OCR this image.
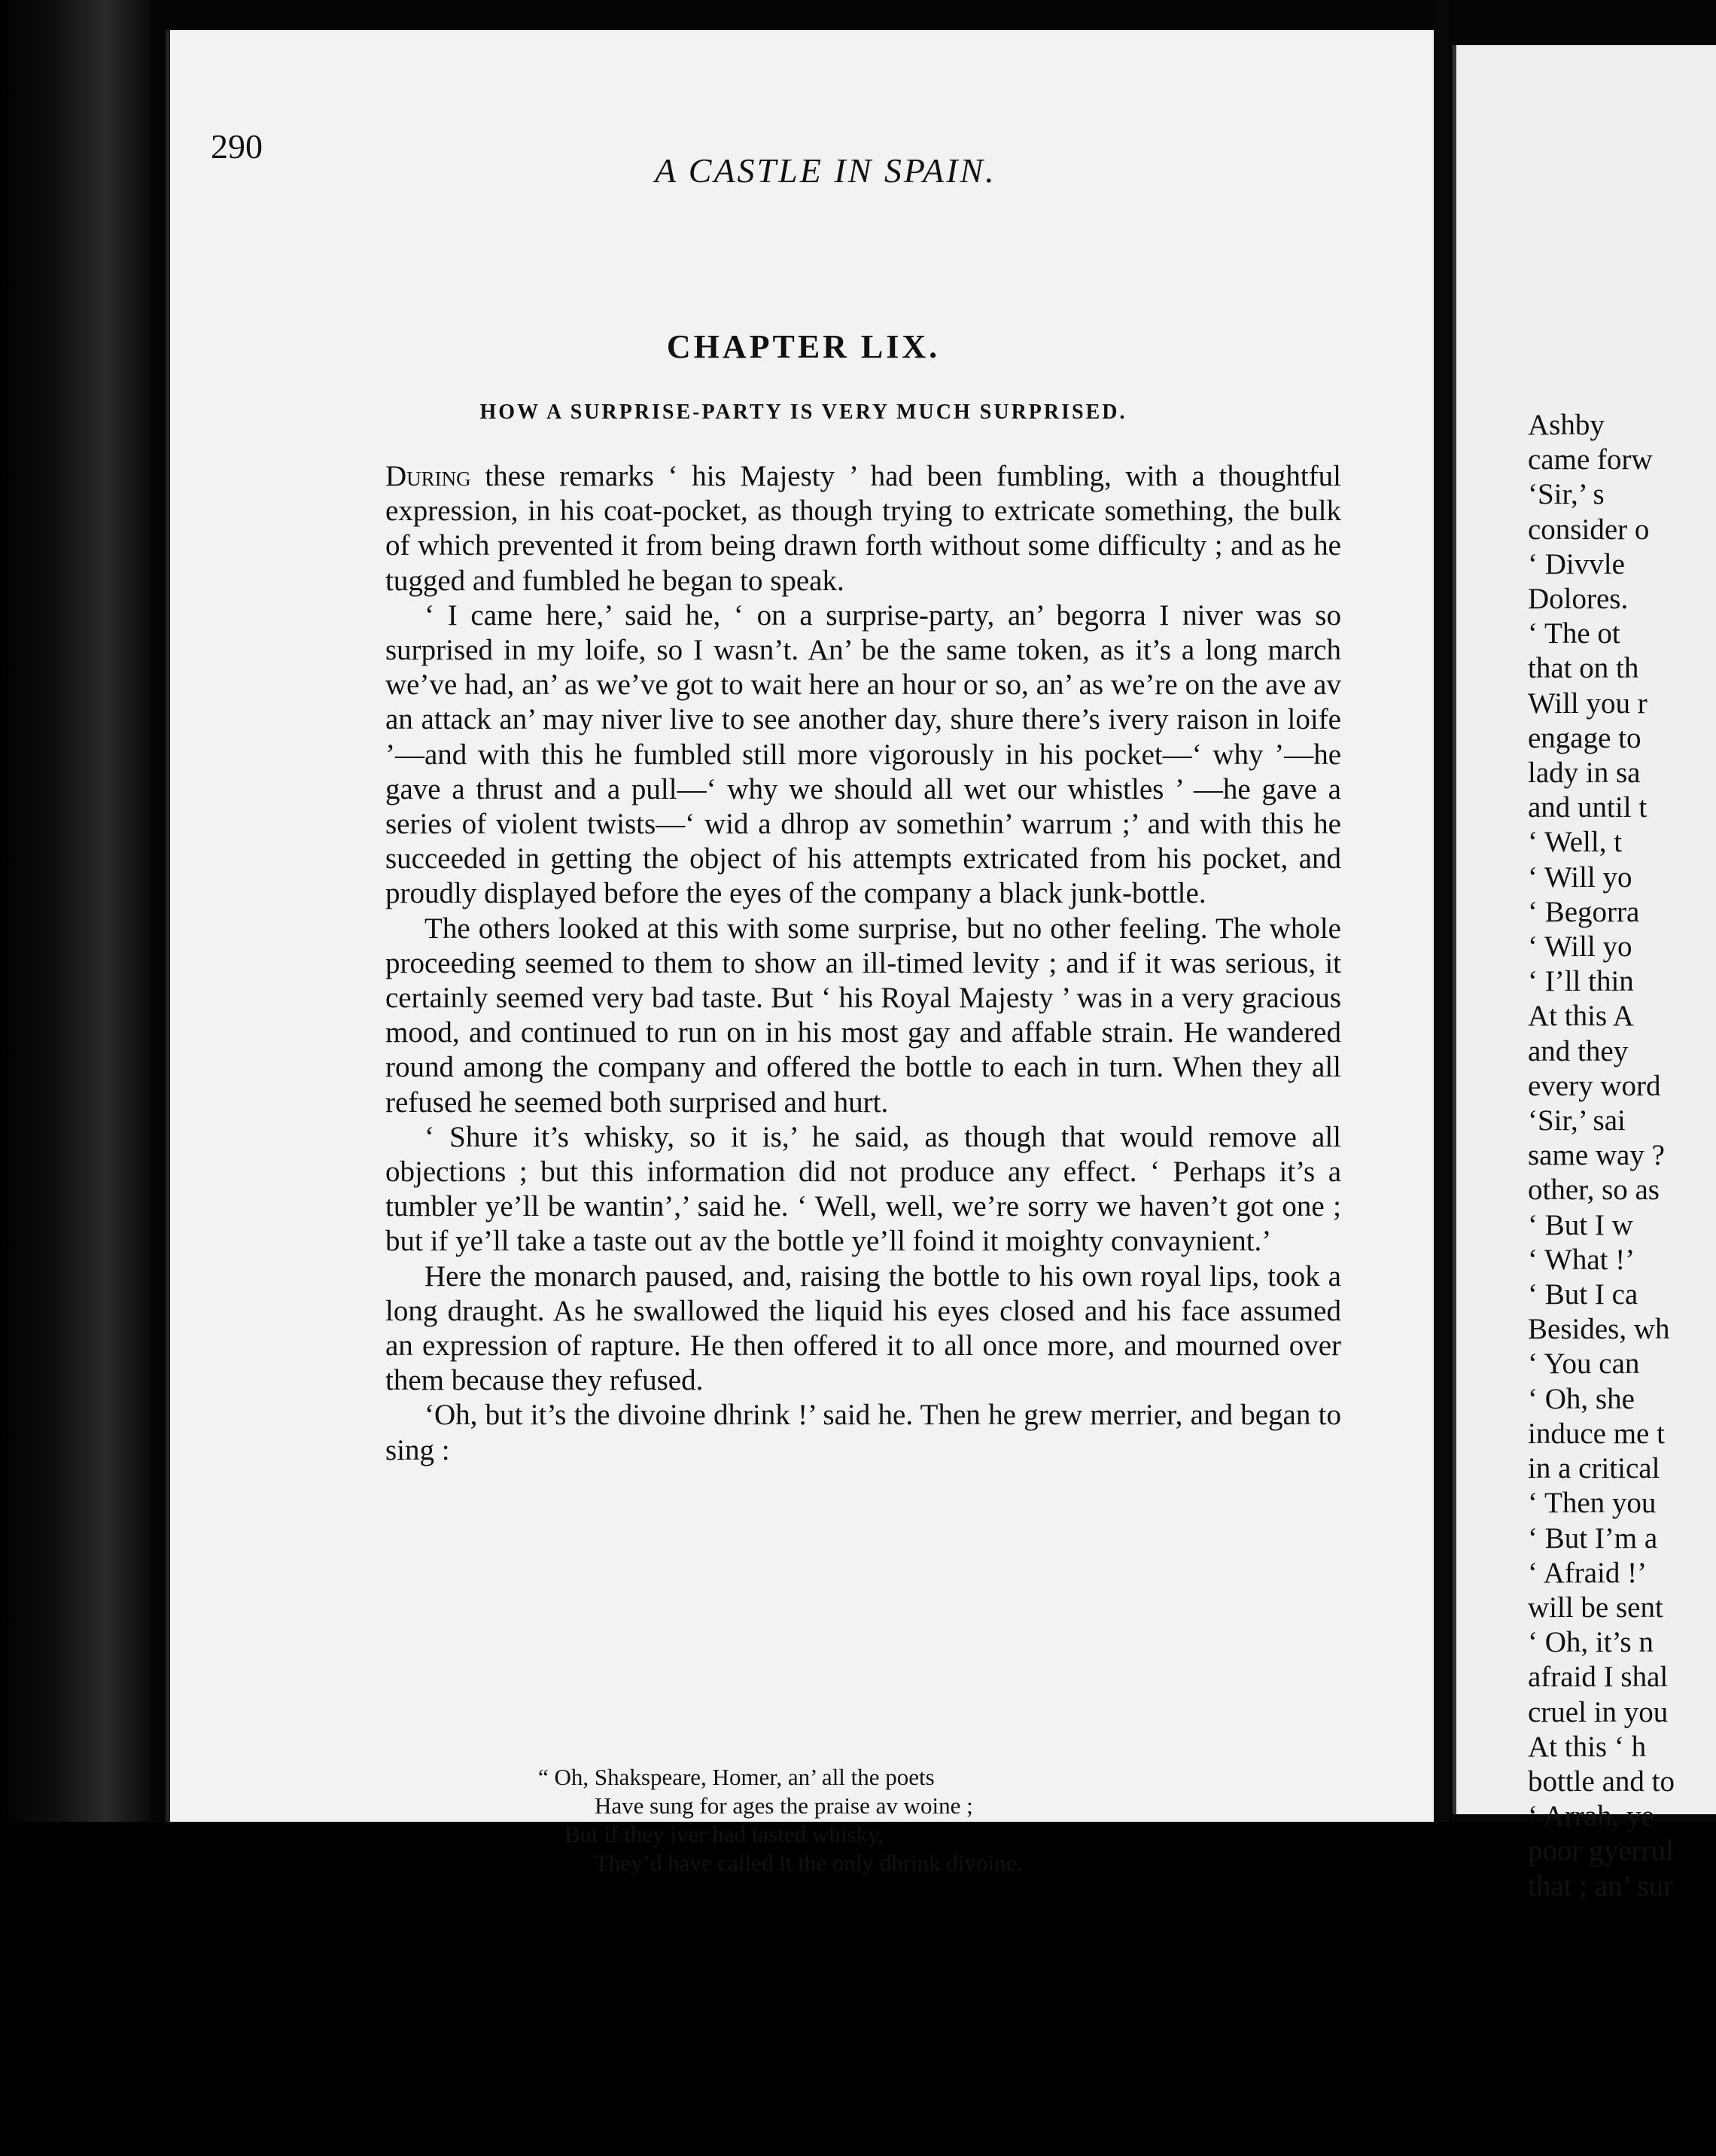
290

A CASTLE IN SPAIN.

CHAPTER LIX.
HOW A SURPRISE-PARTY IS VERY MUCH SURPRISED.

During these remarks ‘ his Majesty ’ had been fumbling, with a thoughtful expression, in his coat-pocket, as though trying to extricate something, the bulk of which prevented it from being drawn forth without some difficulty ; and as he tugged and fumbled he began to speak.

‘ I came here,’ said he, ‘ on a surprise-party, an’ begorra I niver was so surprised in my loife, so I wasn’t. An’ be the same token, as it’s a long march we’ve had, an’ as we’ve got to wait here an hour or so, an’ as we’re on the ave av an attack an’ may niver live to see another day, shure there’s ivery raison in loife ’—and with this he fumbled still more vigorously in his pocket—‘ why ’—he gave a thrust and a pull—‘ why we should all wet our whistles ’ —he gave a series of violent twists—‘ wid a dhrop av somethin’ warrum ;’ and with this he succeeded in getting the object of his attempts extricated from his pocket, and proudly displayed before the eyes of the company a black junk-bottle.

The others looked at this with some surprise, but no other feeling. The whole proceeding seemed to them to show an ill-timed levity ; and if it was serious, it certainly seemed very bad taste. But ‘ his Royal Majesty ’ was in a very gracious mood, and continued to run on in his most gay and affable strain. He wandered round among the company and offered the bottle to each in turn. When they all refused he seemed both surprised and hurt.

‘ Shure it’s whisky, so it is,’ he said, as though that would remove all objections ; but this information did not produce any effect. ‘ Perhaps it’s a tumbler ye’ll be wantin’,’ said he. ‘ Well, well, we’re sorry we haven’t got one ; but if ye’ll take a taste out av the bottle ye’ll foind it moighty convaynient.’

Here the monarch paused, and, raising the bottle to his own royal lips, took a long draught. As he swallowed the liquid his eyes closed and his face assumed an expression of rapture. He then offered it to all once more, and mourned over them because they refused.

‘Oh, but it’s the divoine dhrink !’ said he. Then he grew merrier, and began to sing :

“ Oh, Shakspeare, Homer, an’ all the poets
Have sung for ages the praise av woine ;
But if they iver had tasted whisky,
They’d have called it the only dhrink divoine.
Ashby
came forw
‘Sir,’ s
consider o
‘ Divvle
Dolores.
‘ The ot
that on th
Will you r
engage to
lady in sa
and until t
‘ Well, t
‘ Will yo
‘ Begorra
‘ Will yo
‘ I’ll thin
At this A
and they
every word
‘Sir,’ sai
same way ?
other, so as
‘ But I w
‘ What !’
‘ But I ca
Besides, wh
‘ You can
‘ Oh, she
induce me t
in a critical
‘ Then you
‘ But I’m a
‘ Afraid !’
will be sent
‘ Oh, it’s n
afraid I shal
cruel in you
At this ‘ h
bottle and to
‘ Arrah, ye
poor gyerrul
that ; an’ sur
